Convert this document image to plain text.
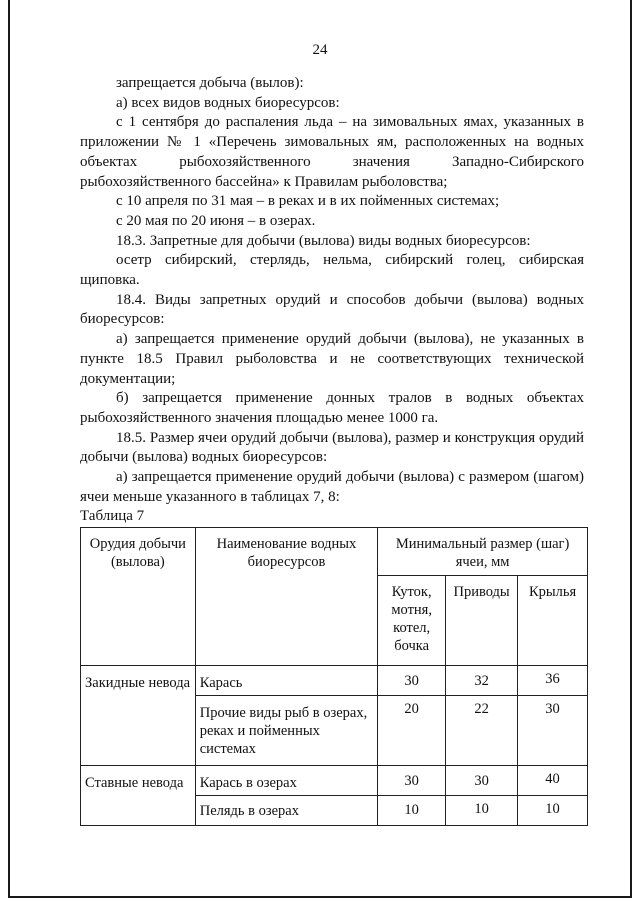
24

запрещается добыча (вылов):

а) всех видов водных биоресурсов:

с 1 сентября до распаления льда – на зимовальных ямах, указанных в приложении № 1 «Перечень зимовальных ям, расположенных на водных объектах рыбохозяйственного значения Западно-Сибирского рыбохозяйственного бассейна» к Правилам рыболовства;

с 10 апреля по 31 мая – в реках и в их пойменных системах;

с 20 мая по 20 июня – в озерах.

18.3. Запретные для добычи (вылова) виды водных биоресурсов:

осетр сибирский, стерлядь, нельма, сибирский голец, сибирская щиповка.

18.4. Виды запретных орудий и способов добычи (вылова) водных биоресурсов:

а) запрещается применение орудий добычи (вылова), не указанных в пункте 18.5 Правил рыболовства и не соответствующих технической документации;

б) запрещается применение донных тралов в водных объектах рыбохозяйственного значения площадью менее 1000 га.

18.5. Размер ячеи орудий добычи (вылова), размер и конструкция орудий добычи (вылова) водных биоресурсов:

а) запрещается применение орудий добычи (вылова) с размером (шагом) ячеи меньше указанного в таблицах 7, 8:

Таблица 7

Орудия добычи (вылова)	Наименование водных биоресурсов	Минимальный размер (шаг) ячеи, мм		
		Куток, мотня, котел, бочка	Приводы	Крылья
Закидные невода	Карась	30	32	36
	Прочие виды рыб в озерах, реках и пойменных системах	20	22	30
Ставные невода	Карась в озерах	30	30	40
	Пелядь в озерах	10	10	10
